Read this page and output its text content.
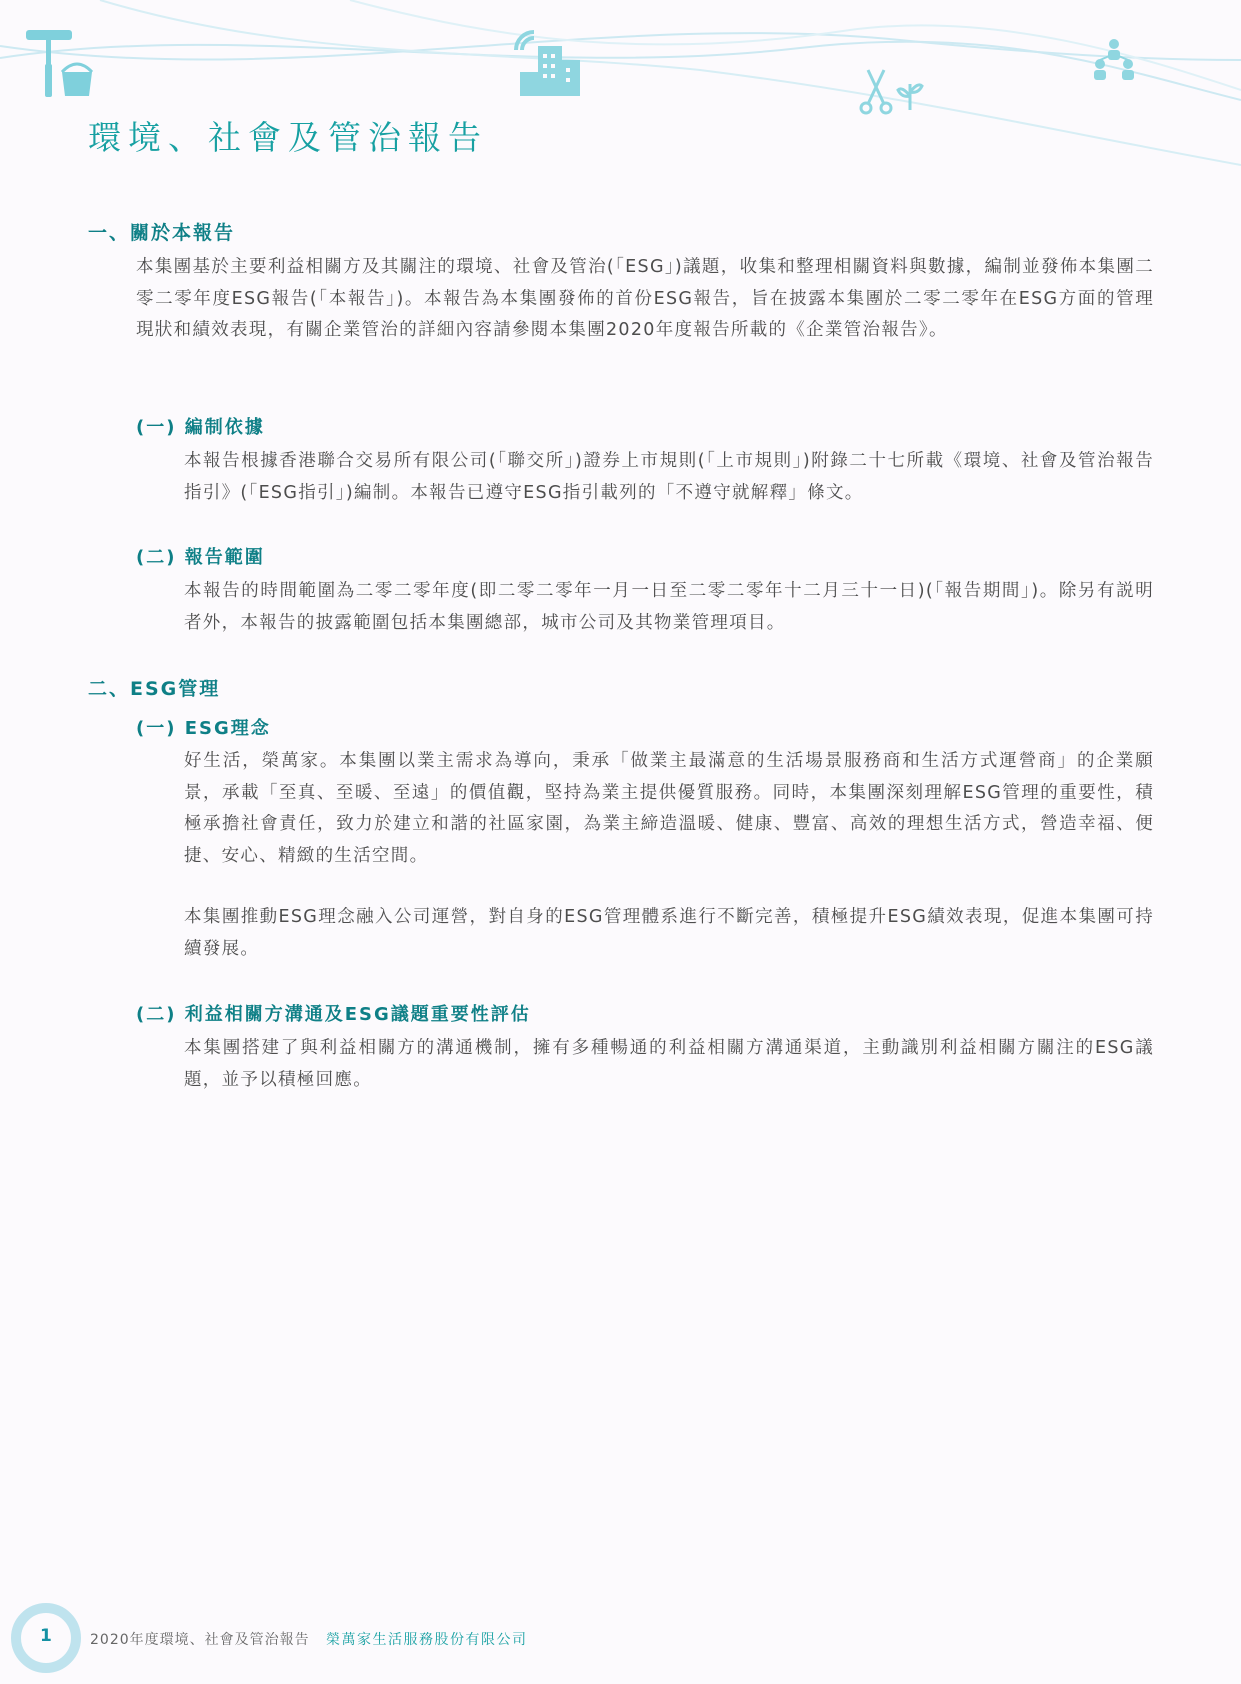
環境、社會及管治報告
一、關於本報告

本集團基於主要利益相關方及其關注的環境、社會及管治(「ESG」)議題，收集和整理相關資料與數據，編制並發佈本集團二零二零年度ESG報告(「本報告」)。本報告為本集團發佈的首份ESG報告，旨在披露本集團於二零二零年在ESG方面的管理現狀和績效表現，有關企業管治的詳細內容請參閱本集團2020年度報告所載的《企業管治報告》。

(一) 編制依據

本報告根據香港聯合交易所有限公司(「聯交所」)證券上市規則(「上市規則」)附錄二十七所載《環境、社會及管治報告指引》(「ESG指引」)編制。本報告已遵守ESG指引載列的「不遵守就解釋」條文。

(二) 報告範圍

本報告的時間範圍為二零二零年度(即二零二零年一月一日至二零二零年十二月三十一日)(「報告期間」)。除另有説明者外，本報告的披露範圍包括本集團總部，城市公司及其物業管理項目。

二、ESG管理
(一) ESG理念

好生活，榮萬家。本集團以業主需求為導向，秉承「做業主最滿意的生活場景服務商和生活方式運營商」的企業願景，承載「至真、至暖、至遠」的價值觀，堅持為業主提供優質服務。同時，本集團深刻理解ESG管理的重要性，積極承擔社會責任，致力於建立和諧的社區家園，為業主締造溫暖、健康、豐富、高效的理想生活方式，營造幸福、便捷、安心、精緻的生活空間。

本集團推動ESG理念融入公司運營，對自身的ESG管理體系進行不斷完善，積極提升ESG績效表現，促進本集團可持續發展。

(二) 利益相關方溝通及ESG議題重要性評估

本集團搭建了與利益相關方的溝通機制，擁有多種暢通的利益相關方溝通渠道，主動識別利益相關方關注的ESG議題，並予以積極回應。

1	2020年度環境、社會及管治報告 榮萬家生活服務股份有限公司
